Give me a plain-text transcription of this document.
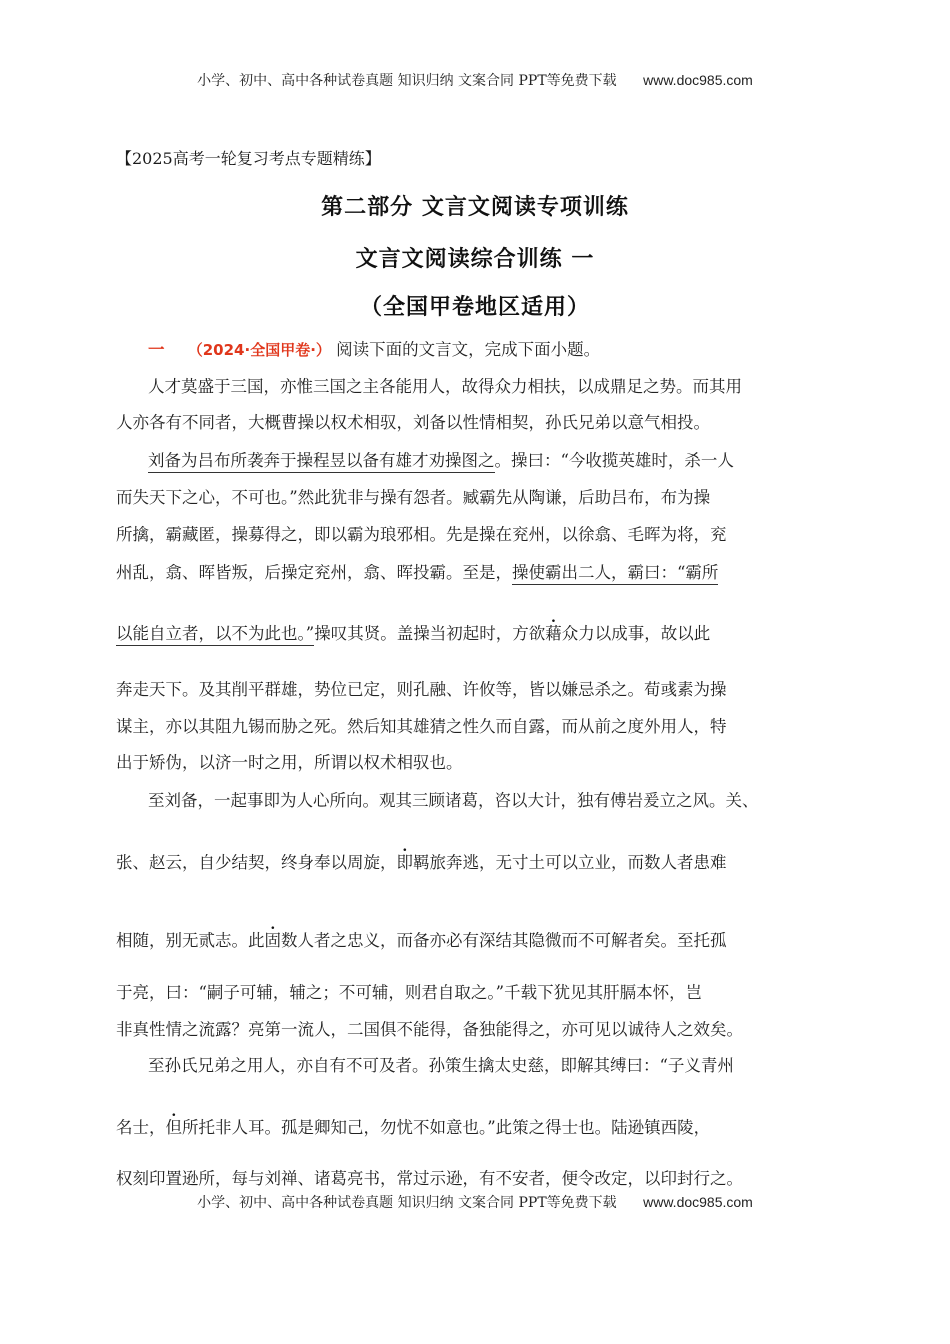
小学、初中、高中各种试卷真题 知识归纳 文案合同 PPT等免费下载 www.doc985.com
【2025高考一轮复习考点专题精练】
第二部分 文言文阅读专项训练
文言文阅读综合训练 一
（全国甲卷地区适用）
一 （2024·全国甲卷·） 阅读下面的文言文，完成下面小题。
人才莫盛于三国，亦惟三国之主各能用人，故得众力相扶，以成鼎足之势。而其用
人亦各有不同者，大概曹操以权术相驭，刘备以性情相契，孙氏兄弟以意气相投。
刘备为吕布所袭奔于操程昱以备有雄才劝操图之。操曰：“今收揽英雄时，杀一人
而失天下之心，不可也。”然此犹非与操有怨者。臧霸先从陶谦，后助吕布，布为操
所擒，霸藏匿，操募得之，即以霸为琅邪相。先是操在兖州，以徐翕、毛晖为将，兖
州乱，翕、晖皆叛，后操定兖州，翕、晖投霸。至是，操使霸出二人，霸曰：“霸所
以能自立者，以不为此也。”操叹其贤。盖操当初起时，方欲藉众力以成事，故以此
奔走天下。及其削平群雄，势位已定，则孔融、许攸等，皆以嫌忌杀之。荀彧素为操
谋主，亦以其阻九锡而胁之死。然后知其雄猜之性久而自露，而从前之度外用人，特
出于矫伪，以济一时之用，所谓以权术相驭也。
至刘备，一起事即为人心所向。观其三顾诸葛，咨以大计，独有傅岩爰立之风。关、
张、赵云，自少结契，终身奉以周旋，即羁旅奔逃，无寸土可以立业，而数人者患难
相随，别无贰志。此固数人者之忠义，而备亦必有深结其隐微而不可解者矣。至托孤
于亮，曰：“嗣子可辅，辅之；不可辅，则君自取之。”千载下犹见其肝膈本怀，岂
非真性情之流露？亮第一流人，二国俱不能得，备独能得之，亦可见以诚待人之效矣。
至孙氏兄弟之用人，亦自有不可及者。孙策生擒太史慈，即解其缚曰：“子义青州
名士，但所托非人耳。孤是卿知己，勿忧不如意也。”此策之得士也。陆逊镇西陵，
权刻印置逊所，每与刘禅、诸葛亮书，常过示逊，有不安者，便令改定，以印封行之。
小学、初中、高中各种试卷真题 知识归纳 文案合同 PPT等免费下载 www.doc985.com
